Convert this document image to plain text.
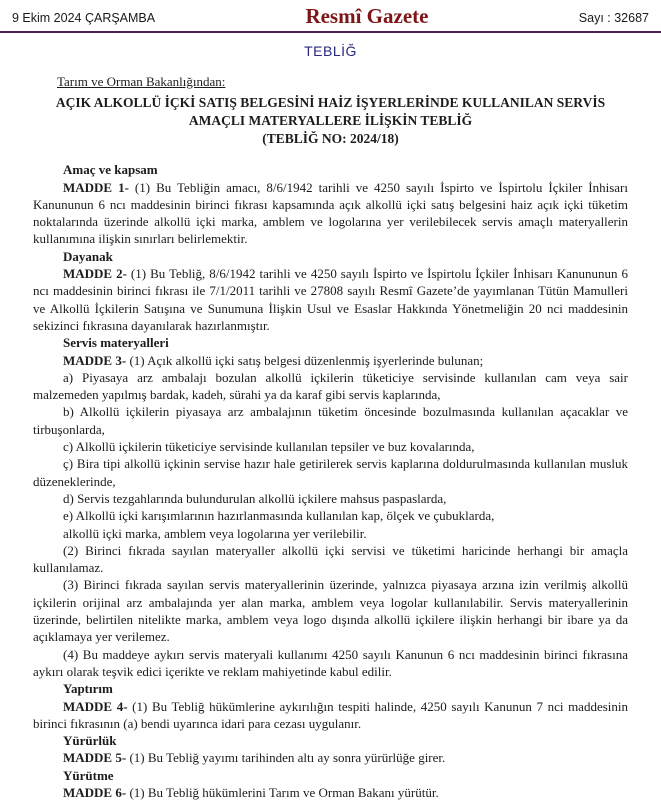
9 Ekim 2024 ÇARŞAMBA	Resmî Gazete	Sayı : 32687
TEBLİĞ
Tarım ve Orman Bakanlığından:
AÇIK ALKOLLÜ İÇKİ SATIŞ BELGESİNİ HAİZ İŞYERLERİNDE KULLANILAN SERVİS AMAÇLI MATERYALLERE İLİŞKİN TEBLİĞ
(TEBLİĞ NO: 2024/18)

Amaç ve kapsam

MADDE 1- (1) Bu Tebliğin amacı, 8/6/1942 tarihli ve 4250 sayılı İspirto ve İspirtolu İçkiler İnhisarı Kanununun 6 ncı maddesinin birinci fıkrası kapsamında açık alkollü içki satış belgesini haiz açık içki tüketim noktalarında üzerinde alkollü içki marka, amblem ve logolarına yer verilebilecek servis amaçlı materyallerin kullanımına ilişkin sınırları belirlemektir.

Dayanak

MADDE 2- (1) Bu Tebliğ, 8/6/1942 tarihli ve 4250 sayılı İspirto ve İspirtolu İçkiler İnhisarı Kanununun 6 ncı maddesinin birinci fıkrası ile 7/1/2011 tarihli ve 27808 sayılı Resmî Gazete’de yayımlanan Tütün Mamulleri ve Alkollü İçkilerin Satışına ve Sunumuna İlişkin Usul ve Esaslar Hakkında Yönetmeliğin 20 nci maddesinin sekizinci fıkrasına dayanılarak hazırlanmıştır.

Servis materyalleri

MADDE 3- (1) Açık alkollü içki satış belgesi düzenlenmiş işyerlerinde bulunan;

a) Piyasaya arz ambalajı bozulan alkollü içkilerin tüketiciye servisinde kullanılan cam veya sair malzemeden yapılmış bardak, kadeh, sürahi ya da karaf gibi servis kaplarında,

b) Alkollü içkilerin piyasaya arz ambalajının tüketim öncesinde bozulmasında kullanılan açacaklar ve tirbuşonlarda,

c) Alkollü içkilerin tüketiciye servisinde kullanılan tepsiler ve buz kovalarında,

ç) Bira tipi alkollü içkinin servise hazır hale getirilerek servis kaplarına doldurulmasında kullanılan musluk düzeneklerinde,

d) Servis tezgahlarında bulundurulan alkollü içkilere mahsus paspaslarda,

e) Alkollü içki karışımlarının hazırlanmasında kullanılan kap, ölçek ve çubuklarda,

alkollü içki marka, amblem veya logolarına yer verilebilir.

(2) Birinci fıkrada sayılan materyaller alkollü içki servisi ve tüketimi haricinde herhangi bir amaçla kullanılamaz.

(3) Birinci fıkrada sayılan servis materyallerinin üzerinde, yalnızca piyasaya arzına izin verilmiş alkollü içkilerin orijinal arz ambalajında yer alan marka, amblem veya logolar kullanılabilir. Servis materyallerinin üzerinde, belirtilen nitelikte marka, amblem veya logo dışında alkollü içkilere ilişkin herhangi bir ibare ya da açıklamaya yer verilemez.

(4) Bu maddeye aykırı servis materyali kullanımı 4250 sayılı Kanunun 6 ncı maddesinin birinci fıkrasına aykırı olarak teşvik edici içerikte ve reklam mahiyetinde kabul edilir.

Yaptırım

MADDE 4- (1) Bu Tebliğ hükümlerine aykırılığın tespiti halinde, 4250 sayılı Kanunun 7 nci maddesinin birinci fıkrasının (a) bendi uyarınca idari para cezası uygulanır.

Yürürlük

MADDE 5- (1) Bu Tebliğ yayımı tarihinden altı ay sonra yürürlüğe girer.

Yürütme

MADDE 6- (1) Bu Tebliğ hükümlerini Tarım ve Orman Bakanı yürütür.
